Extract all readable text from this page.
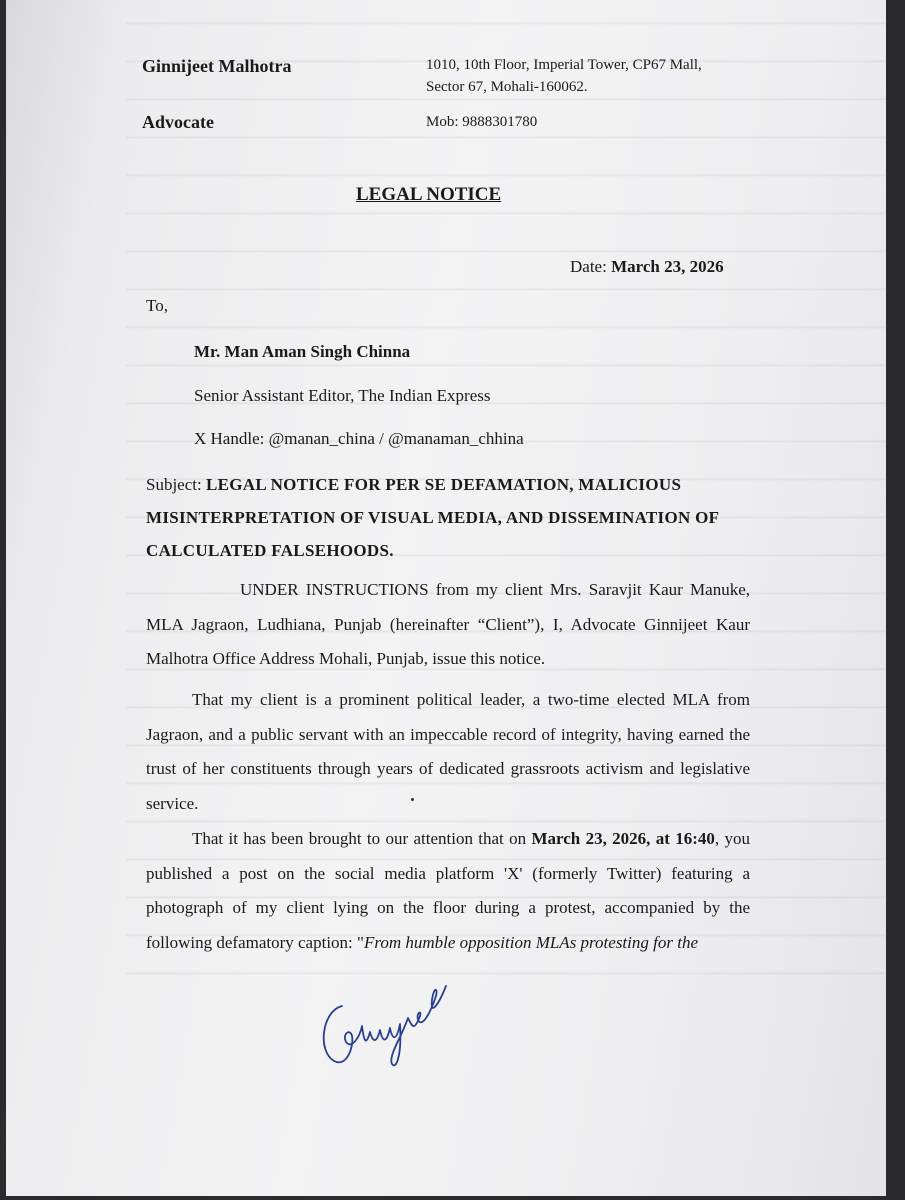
Ginnijeet Malhotra
Advocate
1010, 10th Floor, Imperial Tower, CP67 Mall,
Sector 67, Mohali-160062.
Mob: 9888301780
LEGAL NOTICE
Date: March 23, 2026
To,
Mr. Man Aman Singh Chinna
Senior Assistant Editor, The Indian Express
X Handle: @manan_china / @manaman_chhina
Subject: LEGAL NOTICE FOR PER SE DEFAMATION, MALICIOUS MISINTERPRETATION OF VISUAL MEDIA, AND DISSEMINATION OF CALCULATED FALSEHOODS.
UNDER INSTRUCTIONS from my client Mrs. Saravjit Kaur Manuke, MLA Jagraon, Ludhiana, Punjab (hereinafter “Client”), I, Advocate Ginnijeet Kaur Malhotra Office Address Mohali, Punjab, issue this notice.
That my client is a prominent political leader, a two-time elected MLA from Jagraon, and a public servant with an impeccable record of integrity, having earned the trust of her constituents through years of dedicated grassroots activism and legislative service.
That it has been brought to our attention that on March 23, 2026, at 16:40, you published a post on the social media platform 'X' (formerly Twitter) featuring a photograph of my client lying on the floor during a protest, accompanied by the following defamatory caption: "From humble opposition MLAs protesting for the
